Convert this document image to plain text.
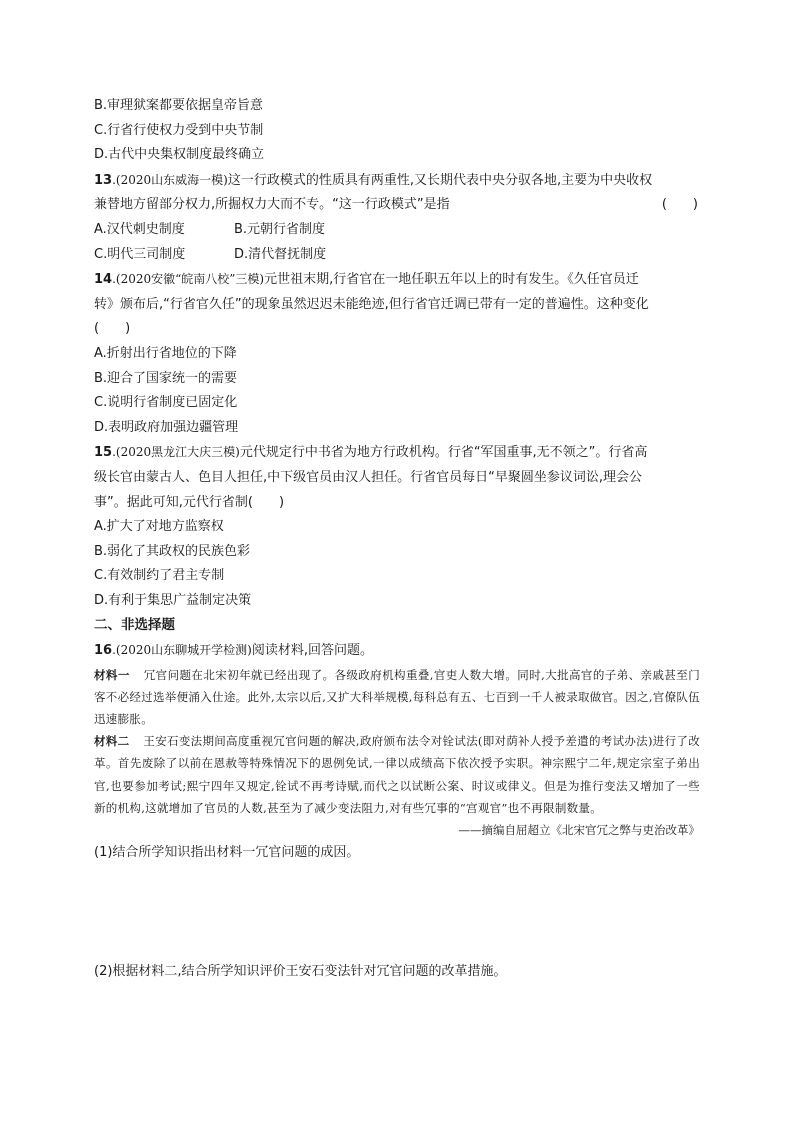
B.审理狱案都要依据皇帝旨意
C.行省行使权力受到中央节制
D.古代中央集权制度最终确立
13.(2020山东威海一模)这一行政模式的性质具有两重性,又长期代表中央分驭各地,主要为中央收权
兼替地方留部分权力,所掘权力大而不专。“这一行政模式”是指	(　　)
A.汉代刺史制度	B.元朝行省制度
C.明代三司制度	D.清代督抚制度
14.(2020安徽“皖南八校”三模)元世祖末期,行省官在一地任职五年以上的时有发生。《久任官员迁
转》颁布后,“行省官久任”的现象虽然迟迟未能绝迹,但行省官迁调已带有一定的普遍性。这种变化
(　　)
A.折射出行省地位的下降
B.迎合了国家统一的需要
C.说明行省制度已固定化
D.表明政府加强边疆管理
15.(2020黑龙江大庆三模)元代规定行中书省为地方行政机构。行省“军国重事,无不领之”。行省高
级长官由蒙古人、色目人担任,中下级官员由汉人担任。行省官员每日“早聚圆坐参议词讼,理会公
事”。据此可知,元代行省制(　　)
A.扩大了对地方监察权
B.弱化了其政权的民族色彩
C.有效制约了君主专制
D.有利于集思广益制定决策
二、非选择题
16.(2020山东聊城开学检测)阅读材料,回答问题。
材料一 冗官问题在北宋初年就已经出现了。各级政府机构重叠,官吏人数大增。同时,大批高官的子弟、亲戚甚至门客不必经过选举便涌入仕途。此外,太宗以后,又扩大科举规模,每科总有五、七百到一千人被录取做官。因之,官僚队伍迅速膨胀。
材料二 王安石变法期间高度重视冗官问题的解决,政府颁布法令对铨试法(即对荫补人授予差遣的考试办法)进行了改革。首先废除了以前在恩赦等特殊情况下的恩例免试,一律以成绩高下依次授予实职。神宗熙宁二年,规定宗室子弟出官,也要参加考试;熙宁四年又规定,铨试不再考诗赋,而代之以试断公案、时议或律义。但是为推行变法又增加了一些新的机构,这就增加了官员的人数,甚至为了减少变法阻力,对有些冗事的“宫观官”也不再限制数量。
——摘编自屈超立《北宋官冗之弊与吏治改革》
(1)结合所学知识指出材料一冗官问题的成因。
(2)根据材料二,结合所学知识评价王安石变法针对冗官问题的改革措施。
